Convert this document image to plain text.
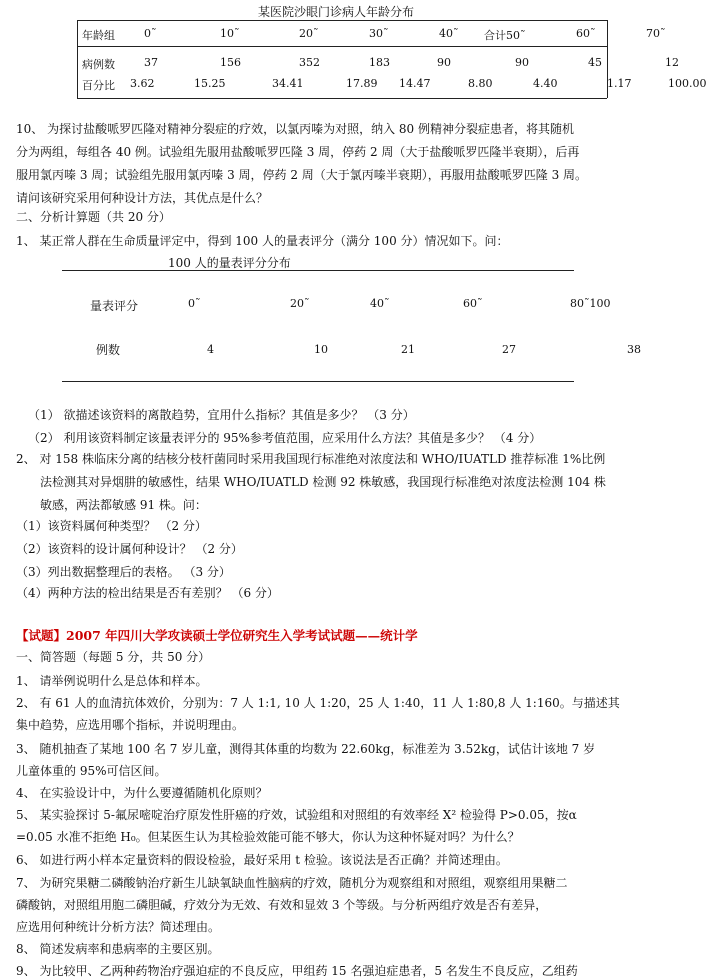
某医院沙眼门诊病人年龄分布
年龄组	0˜	10˜	20˜	30˜	40˜ 合计50˜	60˜	70˜
病例数	37	156	352	183	90	90	45	12
百分比 3.62	15.25	34.41	17.89 14.47	8.80	4.40	1.17	100.00
10、 为探讨盐酸哌罗匹隆对精神分裂症的疗效，以氯丙嗪为对照，纳入 80 例精神分裂症患者，将其随机
分为两组，每组各 40 例。试验组先服用盐酸哌罗匹隆 3 周，停药 2 周（大于盐酸哌罗匹隆半衰期），后再
服用氯丙嗪 3 周；试验组先服用氯丙嗪 3 周，停药 2 周（大于氯丙嗪半衰期），再服用盐酸哌罗匹隆 3 周。
请问该研究采用何种设计方法，其优点是什么？
二、分析计算题（共 20 分）
1、 某正常人群在生命质量评定中，得到 100 人的量表评分（满分 100 分）情况如下。问：
100 人的量表评分分布
量表评分	0˜	20˜	40˜	60˜	80˜100
例数	4	10	21	27	38
（1） 欲描述该资料的离散趋势，宜用什么指标？其值是多少？ （3 分）
（2） 利用该资料制定该量表评分的 95%参考值范围，应采用什么方法？其值是多少？ （4 分）
2、 对 158 株临床分离的结核分枝杆菌同时采用我国现行标准绝对浓度法和 WHO/IUATLD 推荐标准 1%比例
法检测其对异烟肼的敏感性，结果 WHO/IUATLD 检测 92 株敏感，我国现行标准绝对浓度法检测 104 株
敏感，两法都敏感 91 株。问：
（1）该资料属何种类型？ （2 分）
（2）该资料的设计属何种设计？ （2 分）
（3）列出数据整理后的表格。 （3 分）
（4）两种方法的检出结果是否有差别？ （6 分）
【试题】2007 年四川大学攻读硕士学位研究生入学考试试题——统计学
一、简答题（每题 5 分，共 50 分）
1、 请举例说明什么是总体和样本。
2、 有 61 人的血清抗体效价，分别为：7 人 1:1, 10 人 1:20，25 人 1:40，11 人 1:80,8 人 1:160。与描述其
集中趋势，应选用哪个指标，并说明理由。
3、 随机抽查了某地 100 名 7 岁儿童，测得其体重的均数为 22.60kg，标准差为 3.52kg，试估计该地 7 岁
儿童体重的 95%可信区间。
4、 在实验设计中，为什么要遵循随机化原则？
5、 某实验探讨 5-氟尿嘧啶治疗原发性肝癌的疗效，试验组和对照组的有效率经 X² 检验得 P>0.05，按α
=0.05 水准不拒绝 H₀。但某医生认为其检验效能可能不够大，你认为这种怀疑对吗？为什么？
6、 如进行两小样本定量资料的假设检验，最好采用 t 检验。该说法是否正确？并简述理由。
7、 为研究果糖二磷酸钠治疗新生儿缺氧缺血性脑病的疗效，随机分为观察组和对照组，观察组用果糖二
磷酸钠，对照组用胞二磷胆碱，疗效分为无效、有效和显效 3 个等级。与分析两组疗效是否有差异，
应选用何种统计分析方法？简述理由。
8、 简述发病率和患病率的主要区别。
9、 为比较甲、乙两种药物治疗强迫症的不良反应，甲组药 15 名强迫症患者，5 名发生不良反应，乙组药
